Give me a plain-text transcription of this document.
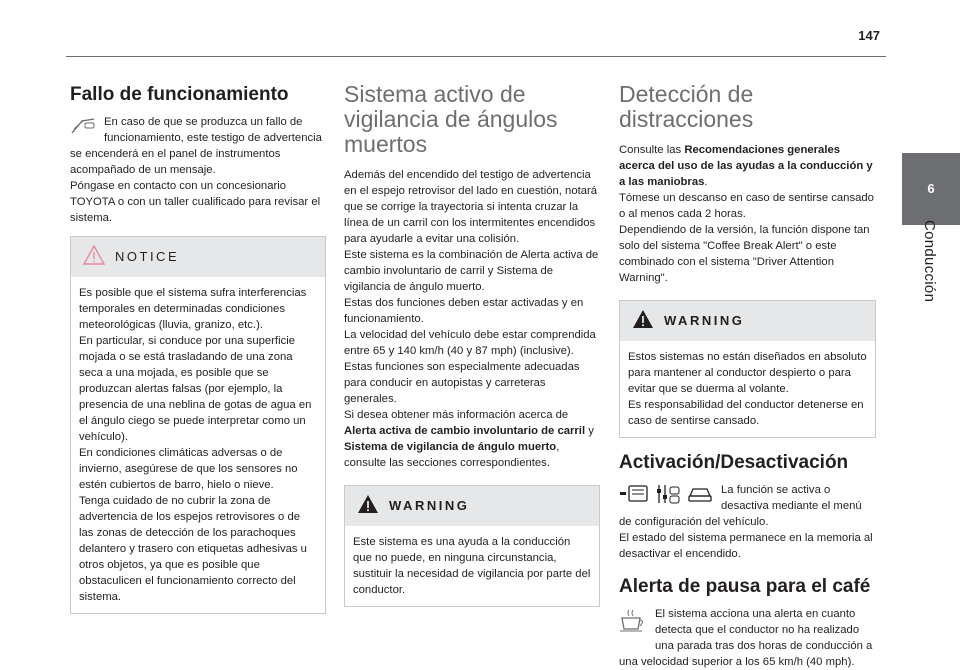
147
6
Conducción
Fallo de funcionamiento

En caso de que se produzca un fallo de funcionamiento, este testigo de advertencia se encenderá en el panel de instrumentos acompañado de un mensaje.

Póngase en contacto con un concesionario TOYOTA o con un taller cualificado para revisar el sistema.

NOTICE

Es posible que el sistema sufra interferencias temporales en determinadas condiciones meteorológicas (lluvia, granizo, etc.).

En particular, si conduce por una superficie mojada o se está trasladando de una zona seca a una mojada, es posible que se produzcan alertas falsas (por ejemplo, la presencia de una neblina de gotas de agua en el ángulo ciego se puede interpretar como un vehículo).

En condiciones climáticas adversas o de invierno, asegúrese de que los sensores no estén cubiertos de barro, hielo o nieve.

Tenga cuidado de no cubrir la zona de advertencia de los espejos retrovisores o de las zonas de detección de los parachoques delantero y trasero con etiquetas adhesivas u otros objetos, ya que es posible que obstaculicen el funcionamiento correcto del sistema.

Sistema activo de vigilancia de ángulos muertos

Además del encendido del testigo de advertencia en el espejo retrovisor del lado en cuestión, notará que se corrige la trayectoria si intenta cruzar la línea de un carril con los intermitentes encendidos para ayudarle a evitar una colisión.

Este sistema es la combinación de Alerta activa de cambio involuntario de carril y Sistema de vigilancia de ángulo muerto.

Estas dos funciones deben estar activadas y en funcionamiento.

La velocidad del vehículo debe estar comprendida entre 65 y 140 km/h (40 y 87 mph) (inclusive).

Estas funciones son especialmente adecuadas para conducir en autopistas y carreteras generales.

Si desea obtener más información acerca de Alerta activa de cambio involuntario de carril y Sistema de vigilancia de ángulo muerto, consulte las secciones correspondientes.

WARNING

Este sistema es una ayuda a la conducción que no puede, en ninguna circunstancia, sustituir la necesidad de vigilancia por parte del conductor.

Detección de distracciones

Consulte las Recomendaciones generales acerca del uso de las ayudas a la conducción y a las maniobras.

Tómese un descanso en caso de sentirse cansado o al menos cada 2 horas.

Dependiendo de la versión, la función dispone tan solo del sistema "Coffee Break Alert" o este combinado con el sistema "Driver Attention Warning".

WARNING

Estos sistemas no están diseñados en absoluto para mantener al conductor despierto o para evitar que se duerma al volante.

Es responsabilidad del conductor detenerse en caso de sentirse cansado.

Activación/Desactivación

La función se activa o desactiva mediante el menú de configuración del vehículo.

El estado del sistema permanece en la memoria al desactivar el encendido.

Alerta de pausa para el café

El sistema acciona una alerta en cuanto detecta que el conductor no ha realizado una parada tras dos horas de conducción a una velocidad superior a los 65 km/h (40 mph).
